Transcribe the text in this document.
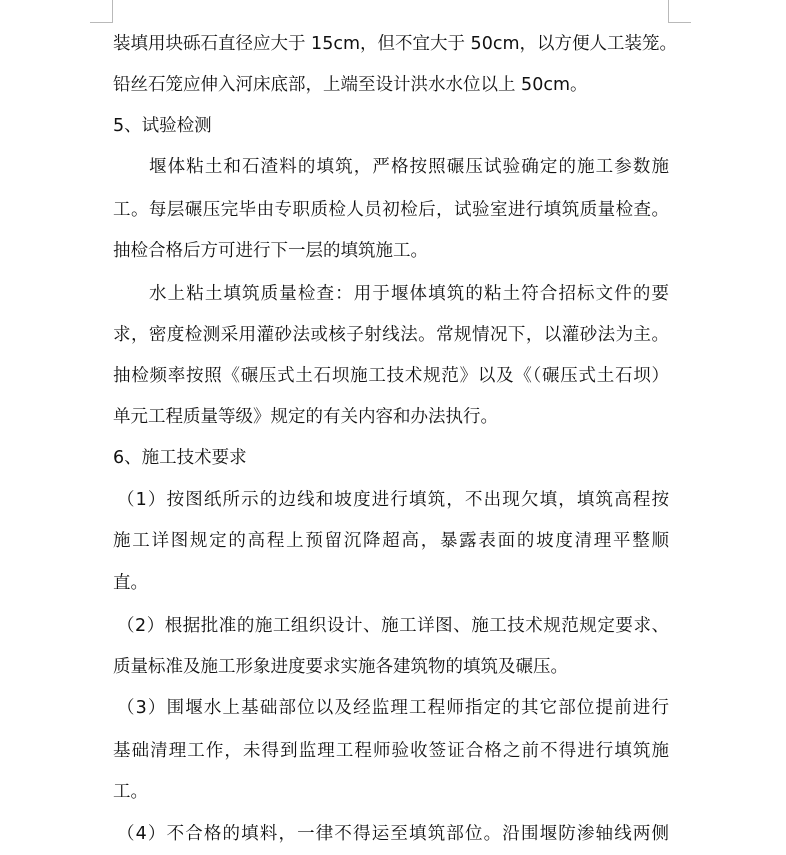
装填用块砾石直径应大于 15cm，但不宜大于 50cm，以方便人工装笼。
铅丝石笼应伸入河床底部，上端至设计洪水水位以上 50cm。
5、试验检测
堰体粘土和石渣料的填筑，严格按照碾压试验确定的施工参数施
工。每层碾压完毕由专职质检人员初检后，试验室进行填筑质量检查。
抽检合格后方可进行下一层的填筑施工。
水上粘土填筑质量检查：用于堰体填筑的粘土符合招标文件的要
求，密度检测采用灌砂法或核子射线法。常规情况下，以灌砂法为主。
抽检频率按照《碾压式土石坝施工技术规范》以及《（碾压式土石坝）
单元工程质量等级》规定的有关内容和办法执行。
6、施工技术要求
（1）按图纸所示的边线和坡度进行填筑，不出现欠填，填筑高程按
施工详图规定的高程上预留沉降超高，暴露表面的坡度清理平整顺
直。
（2）根据批准的施工组织设计、施工详图、施工技术规范规定要求、
质量标准及施工形象进度要求实施各建筑物的填筑及碾压。
（3）围堰水上基础部位以及经监理工程师指定的其它部位提前进行
基础清理工作，未得到监理工程师验收签证合格之前不得进行填筑施
工。
（4）不合格的填料，一律不得运至填筑部位。沿围堰防渗轴线两侧
